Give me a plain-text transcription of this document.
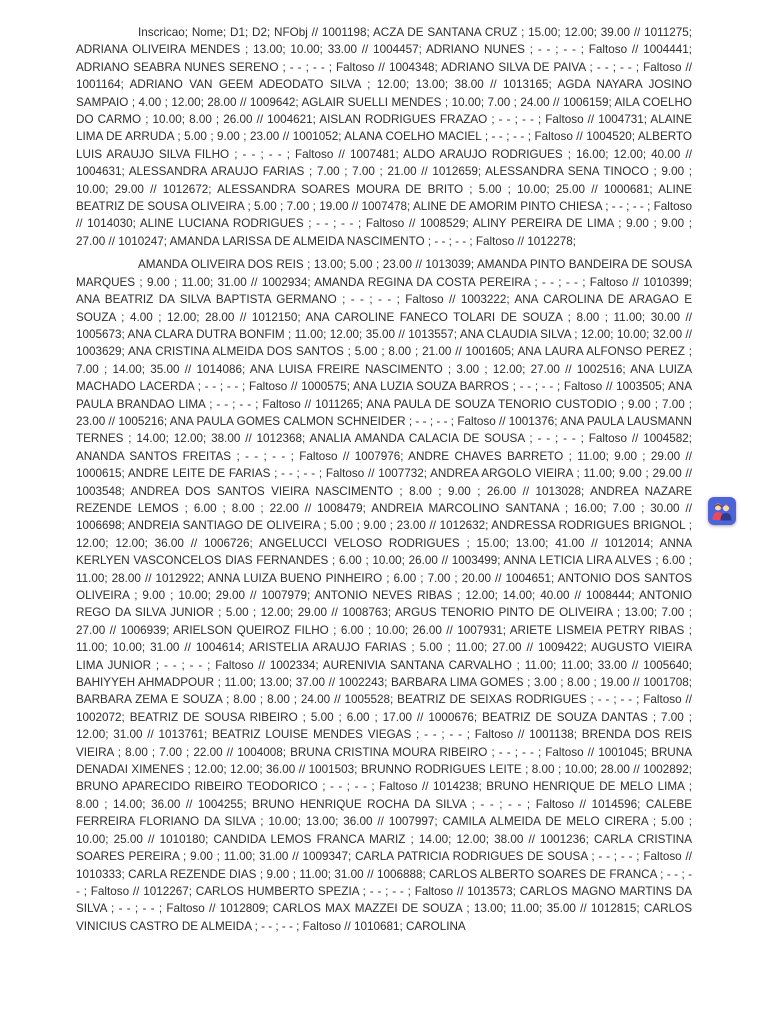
Inscricao; Nome; D1; D2; NFObj // 1001198; ACZA DE SANTANA CRUZ ; 15.00; 12.00; 39.00 // 1011275; ADRIANA OLIVEIRA MENDES ; 13.00; 10.00; 33.00 // 1004457; ADRIANO NUNES ; - - ; - - ; Faltoso // 1004441; ADRIANO SEABRA NUNES SERENO ; - - ; - - ; Faltoso // 1004348; ADRIANO SILVA DE PAIVA ; - - ; - - ; Faltoso // 1001164; ADRIANO VAN GEEM ADEODATO SILVA ; 12.00; 13.00; 38.00 // 1013165; AGDA NAYARA JOSINO SAMPAIO ; 4.00 ; 12.00; 28.00 // 1009642; AGLAIR SUELLI MENDES ; 10.00; 7.00 ; 24.00 // 1006159; AILA COELHO DO CARMO ; 10.00; 8.00 ; 26.00 // 1004621; AISLAN RODRIGUES FRAZAO ; - - ; - - ; Faltoso // 1004731; ALAINE LIMA DE ARRUDA ; 5.00 ; 9.00 ; 23.00 // 1001052; ALANA COELHO MACIEL ; - - ; - - ; Faltoso // 1004520; ALBERTO LUIS ARAUJO SILVA FILHO ; - - ; - - ; Faltoso // 1007481; ALDO ARAUJO RODRIGUES ; 16.00; 12.00; 40.00 // 1004631; ALESSANDRA ARAUJO FARIAS ; 7.00 ; 7.00 ; 21.00 // 1012659; ALESSANDRA SENA TINOCO ; 9.00 ; 10.00; 29.00 // 1012672; ALESSANDRA SOARES MOURA DE BRITO ; 5.00 ; 10.00; 25.00 // 1000681; ALINE BEATRIZ DE SOUSA OLIVEIRA ; 5.00 ; 7.00 ; 19.00 // 1007478; ALINE DE AMORIM PINTO CHIESA ; - - ; - - ; Faltoso // 1014030; ALINE LUCIANA RODRIGUES ; - - ; - - ; Faltoso // 1008529; ALINY PEREIRA DE LIMA ; 9.00 ; 9.00 ; 27.00 // 1010247; AMANDA LARISSA DE ALMEIDA NASCIMENTO ; - - ; - - ; Faltoso // 1012278;

AMANDA OLIVEIRA DOS REIS ; 13.00; 5.00 ; 23.00 // 1013039; AMANDA PINTO BANDEIRA DE SOUSA MARQUES ; 9.00 ; 11.00; 31.00 // 1002934; AMANDA REGINA DA COSTA PEREIRA ; - - ; - - ; Faltoso // 1010399; ANA BEATRIZ DA SILVA BAPTISTA GERMANO ; - - ; - - ; Faltoso // 1003222; ANA CAROLINA DE ARAGAO E SOUZA ; 4.00 ; 12.00; 28.00 // 1012150; ANA CAROLINE FANECO TOLARI DE SOUZA ; 8.00 ; 11.00; 30.00 // 1005673; ANA CLARA DUTRA BONFIM ; 11.00; 12.00; 35.00 // 1013557; ANA CLAUDIA SILVA ; 12.00; 10.00; 32.00 // 1003629; ANA CRISTINA ALMEIDA DOS SANTOS ; 5.00 ; 8.00 ; 21.00 // 1001605; ANA LAURA ALFONSO PEREZ ; 7.00 ; 14.00; 35.00 // 1014086; ANA LUISA FREIRE NASCIMENTO ; 3.00 ; 12.00; 27.00 // 1002516; ANA LUIZA MACHADO LACERDA ; - - ; - - ; Faltoso // 1000575; ANA LUZIA SOUZA BARROS ; - - ; - - ; Faltoso // 1003505; ANA PAULA BRANDAO LIMA ; - - ; - - ; Faltoso // 1011265; ANA PAULA DE SOUZA TENORIO CUSTODIO ; 9.00 ; 7.00 ; 23.00 // 1005216; ANA PAULA GOMES CALMON SCHNEIDER ; - - ; - - ; Faltoso // 1001376; ANA PAULA LAUSMANN TERNES ; 14.00; 12.00; 38.00 // 1012368; ANALIA AMANDA CALACIA DE SOUSA ; - - ; - - ; Faltoso // 1004582; ANANDA SANTOS FREITAS ; - - ; - - ; Faltoso // 1007976; ANDRE CHAVES BARRETO ; 11.00; 9.00 ; 29.00 // 1000615; ANDRE LEITE DE FARIAS ; - - ; - - ; Faltoso // 1007732; ANDREA ARGOLO VIEIRA ; 11.00; 9.00 ; 29.00 // 1003548; ANDREA DOS SANTOS VIEIRA NASCIMENTO ; 8.00 ; 9.00 ; 26.00 // 1013028; ANDREA NAZARE REZENDE LEMOS ; 6.00 ; 8.00 ; 22.00 // 1008479; ANDREIA MARCOLINO SANTANA ; 16.00; 7.00 ; 30.00 // 1006698; ANDREIA SANTIAGO DE OLIVEIRA ; 5.00 ; 9.00 ; 23.00 // 1012632; ANDRESSA RODRIGUES BRIGNOL ; 12.00; 12.00; 36.00 // 1006726; ANGELUCCI VELOSO RODRIGUES ; 15.00; 13.00; 41.00 // 1012014; ANNA KERLYEN VASCONCELOS DIAS FERNANDES ; 6.00 ; 10.00; 26.00 // 1003499; ANNA LETICIA LIRA ALVES ; 6.00 ; 11.00; 28.00 // 1012922; ANNA LUIZA BUENO PINHEIRO ; 6.00 ; 7.00 ; 20.00 // 1004651; ANTONIO DOS SANTOS OLIVEIRA ; 9.00 ; 10.00; 29.00 // 1007979; ANTONIO NEVES RIBAS ; 12.00; 14.00; 40.00 // 1008444; ANTONIO REGO DA SILVA JUNIOR ; 5.00 ; 12.00; 29.00 // 1008763; ARGUS TENORIO PINTO DE OLIVEIRA ; 13.00; 7.00 ; 27.00 // 1006939; ARIELSON QUEIROZ FILHO ; 6.00 ; 10.00; 26.00 // 1007931; ARIETE LISMEIA PETRY RIBAS ; 11.00; 10.00; 31.00 // 1004614; ARISTELIA ARAUJO FARIAS ; 5.00 ; 11.00; 27.00 // 1009422; AUGUSTO VIEIRA LIMA JUNIOR ; - - ; - - ; Faltoso // 1002334; AURENIVIA SANTANA CARVALHO ; 11.00; 11.00; 33.00 // 1005640; BAHIYYEH AHMADPOUR ; 11.00; 13.00; 37.00 // 1002243; BARBARA LIMA GOMES ; 3.00 ; 8.00 ; 19.00 // 1001708; BARBARA ZEMA E SOUZA ; 8.00 ; 8.00 ; 24.00 // 1005528; BEATRIZ DE SEIXAS RODRIGUES ; - - ; - - ; Faltoso // 1002072; BEATRIZ DE SOUSA RIBEIRO ; 5.00 ; 6.00 ; 17.00 // 1000676; BEATRIZ DE SOUZA DANTAS ; 7.00 ; 12.00; 31.00 // 1013761; BEATRIZ LOUISE MENDES VIEGAS ; - - ; - - ; Faltoso // 1001138; BRENDA DOS REIS VIEIRA ; 8.00 ; 7.00 ; 22.00 // 1004008; BRUNA CRISTINA MOURA RIBEIRO ; - - ; - - ; Faltoso // 1001045; BRUNA DENADAI XIMENES ; 12.00; 12.00; 36.00 // 1001503; BRUNNO RODRIGUES LEITE ; 8.00 ; 10.00; 28.00 // 1002892; BRUNO APARECIDO RIBEIRO TEODORICO ; - - ; - - ; Faltoso // 1014238; BRUNO HENRIQUE DE MELO LIMA ; 8.00 ; 14.00; 36.00 // 1004255; BRUNO HENRIQUE ROCHA DA SILVA ; - - ; - - ; Faltoso // 1014596; CALEBE FERREIRA FLORIANO DA SILVA ; 10.00; 13.00; 36.00 // 1007997; CAMILA ALMEIDA DE MELO CIRERA ; 5.00 ; 10.00; 25.00 // 1010180; CANDIDA LEMOS FRANCA MARIZ ; 14.00; 12.00; 38.00 // 1001236; CARLA CRISTINA SOARES PEREIRA ; 9.00 ; 11.00; 31.00 // 1009347; CARLA PATRICIA RODRIGUES DE SOUSA ; - - ; - - ; Faltoso // 1010333; CARLA REZENDE DIAS ; 9.00 ; 11.00; 31.00 // 1006888; CARLOS ALBERTO SOARES DE FRANCA ; - - ; - - ; Faltoso // 1012267; CARLOS HUMBERTO SPEZIA ; - - ; - - ; Faltoso // 1013573; CARLOS MAGNO MARTINS DA SILVA ; - - ; - - ; Faltoso // 1012809; CARLOS MAX MAZZEI DE SOUZA ; 13.00; 11.00; 35.00 // 1012815; CARLOS VINICIUS CASTRO DE ALMEIDA ; - - ; - - ; Faltoso // 1010681; CAROLINA
